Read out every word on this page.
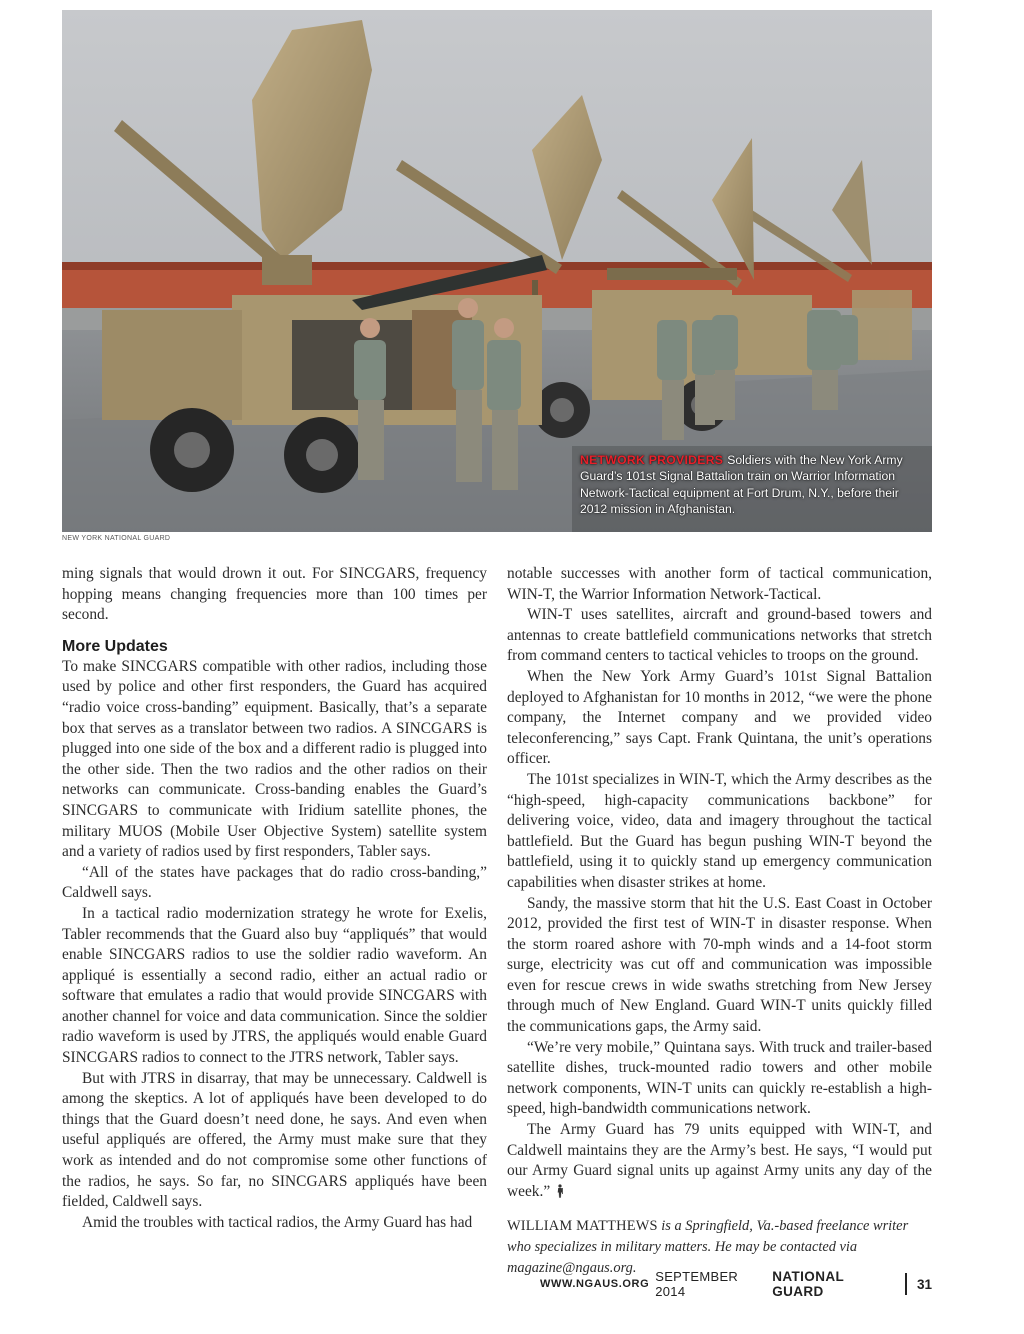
NETWORK PROVIDERS Soldiers with the New York Army Guard’s 101st Signal Battalion train on Warrior Information Network-Tactical equipment at Fort Drum, N.Y., before their 2012 mission in Afghanistan.
NEW YORK NATIONAL GUARD

ming signals that would drown it out. For SINCGARS, frequency hopping means changing frequencies more than 100 times per second.

More Updates

To make SINCGARS compatible with other radios, including those used by police and other first responders, the Guard has acquired “radio voice cross-banding” equipment. Basically, that’s a separate box that serves as a translator between two radios. A SINCGARS is plugged into one side of the box and a different radio is plugged into the other side. Then the two radios and the other radios on their networks can communicate. Cross-banding enables the Guard’s SINCGARS to communicate with Iridium satellite phones, the military MUOS (Mobile User Objective System) satellite system and a variety of radios used by first responders, Tabler says.

“All of the states have packages that do radio cross-banding,” Caldwell says.

In a tactical radio modernization strategy he wrote for Exelis, Tabler recommends that the Guard also buy “appliqués” that would enable SINCGARS radios to use the soldier radio waveform. An appliqué is essentially a second radio, either an actual radio or software that emulates a radio that would provide SINCGARS with another channel for voice and data communication. Since the soldier radio waveform is used by JTRS, the appliqués would enable Guard SINCGARS radios to connect to the JTRS network, Tabler says.

But with JTRS in disarray, that may be unnecessary. Caldwell is among the skeptics. A lot of appliqués have been developed to do things that the Guard doesn’t need done, he says. And even when useful appliqués are offered, the Army must make sure that they work as intended and do not compromise some other functions of the radios, he says. So far, no SINCGARS appliqués have been fielded, Caldwell says.

Amid the troubles with tactical radios, the Army Guard has had

notable successes with another form of tactical communication, WIN-T, the Warrior Information Network-Tactical.

WIN-T uses satellites, aircraft and ground-based towers and antennas to create battlefield communications networks that stretch from command centers to tactical vehicles to troops on the ground.

When the New York Army Guard’s 101st Signal Battalion deployed to Afghanistan for 10 months in 2012, “we were the phone company, the Internet company and we provided video teleconferencing,” says Capt. Frank Quintana, the unit’s operations officer.

The 101st specializes in WIN-T, which the Army describes as the “high-speed, high-capacity communications backbone” for delivering voice, video, data and imagery throughout the tactical battlefield. But the Guard has begun pushing WIN-T beyond the battlefield, using it to quickly stand up emergency communication capabilities when disaster strikes at home.

Sandy, the massive storm that hit the U.S. East Coast in October 2012, provided the first test of WIN-T in disaster response. When the storm roared ashore with 70-mph winds and a 14-foot storm surge, electricity was cut off and communication was impossible even for rescue crews in wide swaths stretching from New Jersey through much of New England. Guard WIN-T units quickly filled the communications gaps, the Army said.

“We’re very mobile,” Quintana says. With truck and trailer-based satellite dishes, truck-mounted radio towers and other mobile network components, WIN-T units can quickly re-establish a high-speed, high-bandwidth communications network.

The Army Guard has 79 units equipped with WIN-T, and Caldwell maintains they are the Army’s best. He says, “I would put our Army Guard signal units up against Army units any day of the week.”

WILLIAM MATTHEWS is a Springfield, Va.-based freelance writer who specializes in military matters. He may be contacted via magazine@ngaus.org.

WWW.NGAUS.ORG SEPTEMBER 2014
NATIONAL GUARD	31
